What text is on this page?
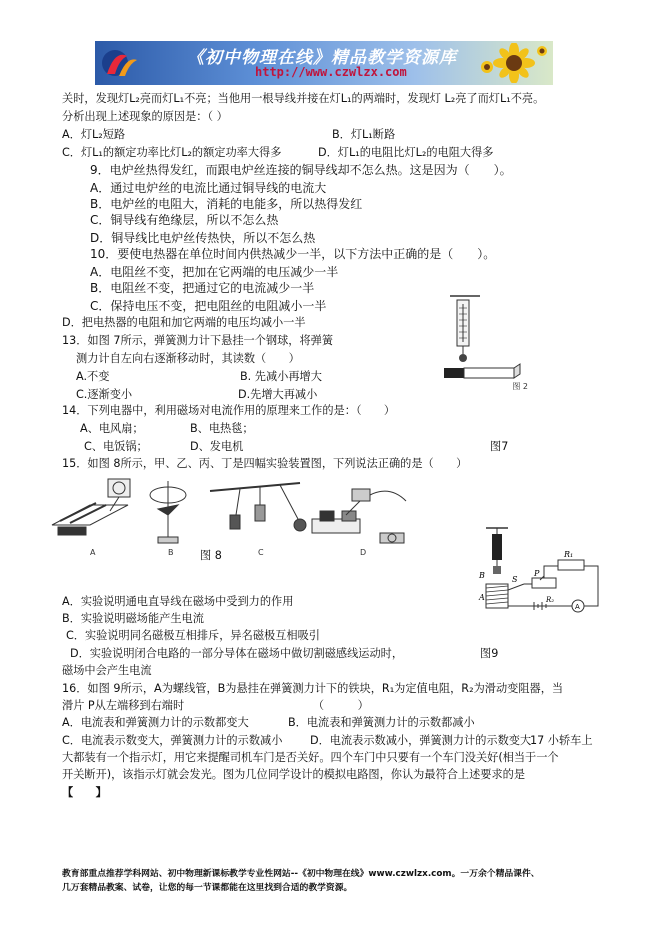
《初中物理在线》精品教学资源库
http://www.czwlzx.com
关时，发现灯L₂亮而灯L₁不亮；当他用一根导线并接在灯L₁的两端时，发现灯 L₂亮了而灯L₁不亮。
分析出现上述现象的原因是：（ ）
A．灯L₂短路	B．灯L₁断路
C．灯L₁的额定功率比灯L₂的额定功率大得多	D．灯L₁的电阻比灯L₂的电阻大得多
9．电炉丝热得发红，而跟电炉丝连接的铜导线却不怎么热。这是因为（　　）。
A．通过电炉丝的电流比通过铜导线的电流大
B．电炉丝的电阻大，消耗的电能多，所以热得发红
C．铜导线有绝缘层，所以不怎么热
D．铜导线比电炉丝传热快，所以不怎么热
10．要使电热器在单位时间内供热减少一半，以下方法中正确的是（　　）。
A．电阻丝不变，把加在它两端的电压减少一半
B．电阻丝不变，把通过它的电流减少一半
C．保持电压不变，把电阻丝的电阻减小一半
D．把电热器的电阻和加它两端的电压均减小一半
13．如图 7所示，弹簧测力计下悬挂一个钢球，将弹簧
测力计自左向右逐渐移动时，其读数（　　）
A.不变	B. 先减小再增大
C.逐渐变小	D.先增大再减小
14．下列电器中，利用磁场对电流作用的原理来工作的是：（　　）
A、电风扇；	B、电热毯；
C、电饭锅；	D、发电机	图7
15．如图 8所示，甲、乙、丙、丁是四幅实验装置图，下列说法正确的是（　　）
图 8
A．实验说明通电直导线在磁场中受到力的作用
B．实验说明磁场能产生电流
C．实验说明同名磁极互相排斥，异名磁极互相吸引
D．实验说明闭合电路的一部分导体在磁场中做切割磁感线运动时，	图9
磁场中会产生电流
16．如图 9所示，A为螺线管，B为悬挂在弹簧测力计下的铁块，R₁为定值电阻，R₂为滑动变阻器，当
滑片 P从左端移到右端时　　　　　　　　　　　　（　　　）
A．电流表和弹簧测力计的示数都变大	B．电流表和弹簧测力计的示数都减小
C．电流表示数变大，弹簧测力计的示数减小 D．电流表示数减小，弹簧测力计的示数变大
17 小轿车上
大都装有一个指示灯，用它来提醒司机车门是否关好。四个车门中只要有一个车门没关好(相当于一个
开关断开)，该指示灯就会发光。图为几位同学设计的模拟电路图，你认为最符合上述要求的是
【　　】
图 2
A	B	C	D
B
A
S
P
R₁
R₂
A
教育部重点推荐学科网站、初中物理新课标教学专业性网站--《初中物理在线》www.czwlzx.com。一万余个精品课件、
几万套精品教案、试卷，让您的每一节课都能在这里找到合适的教学资源。
